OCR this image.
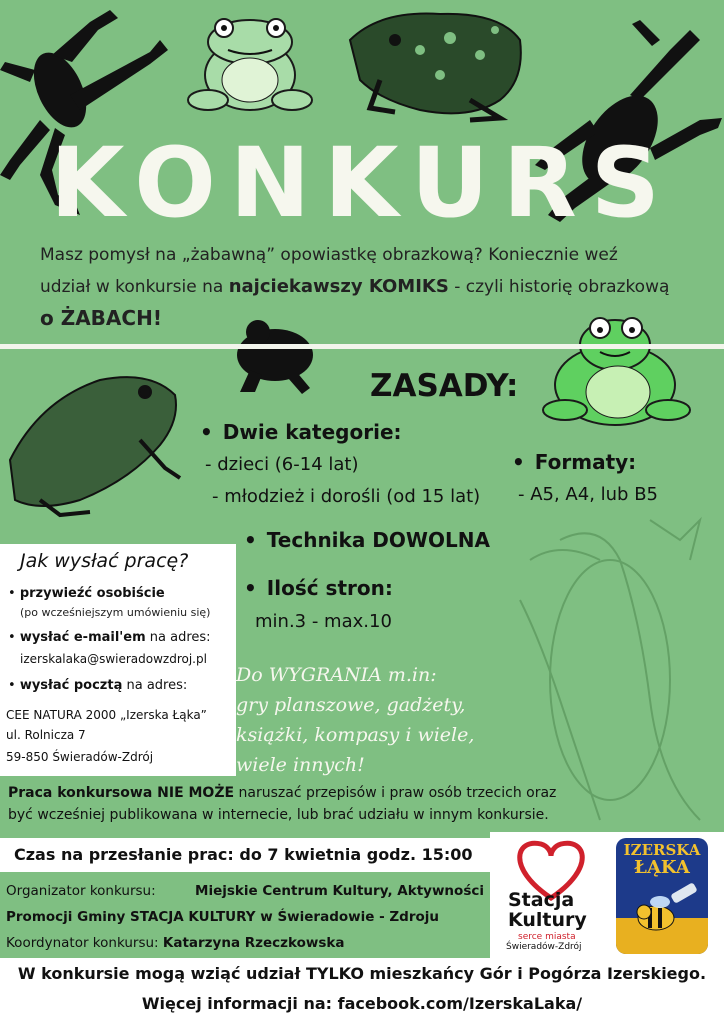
KONKURS
Masz pomysł na „żabawną” opowiastkę obrazkową? Koniecznie weź
udział w konkursie na najciekawszy KOMIKS - czyli historię obrazkową
o ŻABACH!
ZASADY:
• Dwie kategorie:
- dzieci (6-14 lat)
- młodzież i dorośli (od 15 lat)
• Formaty:
- A5, A4, lub B5
• Technika DOWOLNA
• Ilość stron:
min.3 - max.10
Jak wysłać pracę?
• przywieźć osobiście
(po wcześniejszym umówieniu się)
• wysłać e-mail'em na adres:
izerskalaka@swieradowzdroj.pl
• wysłać pocztą na adres:
CEE NATURA 2000 „Izerska Łąka”
ul. Rolnicza 7
59-850 Świeradów-Zdrój
Do WYGRANIA m.in:
gry planszowe, gadżety,
książki, kompasy i wiele,
wiele innych!
Praca konkursowa NIE MOŻE naruszać przepisów i praw osób trzecich oraz
być wcześniej publikowana w internecie, lub brać udziału w innym konkursie.
Czas na przesłanie prac: do 7 kwietnia godz. 15:00
Organizator konkursu:	Miejskie Centrum Kultury, Aktywności
Promocji Gminy STACJA KULTURY w Świeradowie - Zdroju
Koordynator konkursu: Katarzyna Rzeczkowska
Stacja
Kultury
serce miasta
Świeradów-Zdrój
IZERSKA
ŁĄKA
W konkursie mogą wziąć udział TYLKO mieszkańcy Gór i Pogórza Izerskiego.
Więcej informacji na: facebook.com/IzerskaLaka/
